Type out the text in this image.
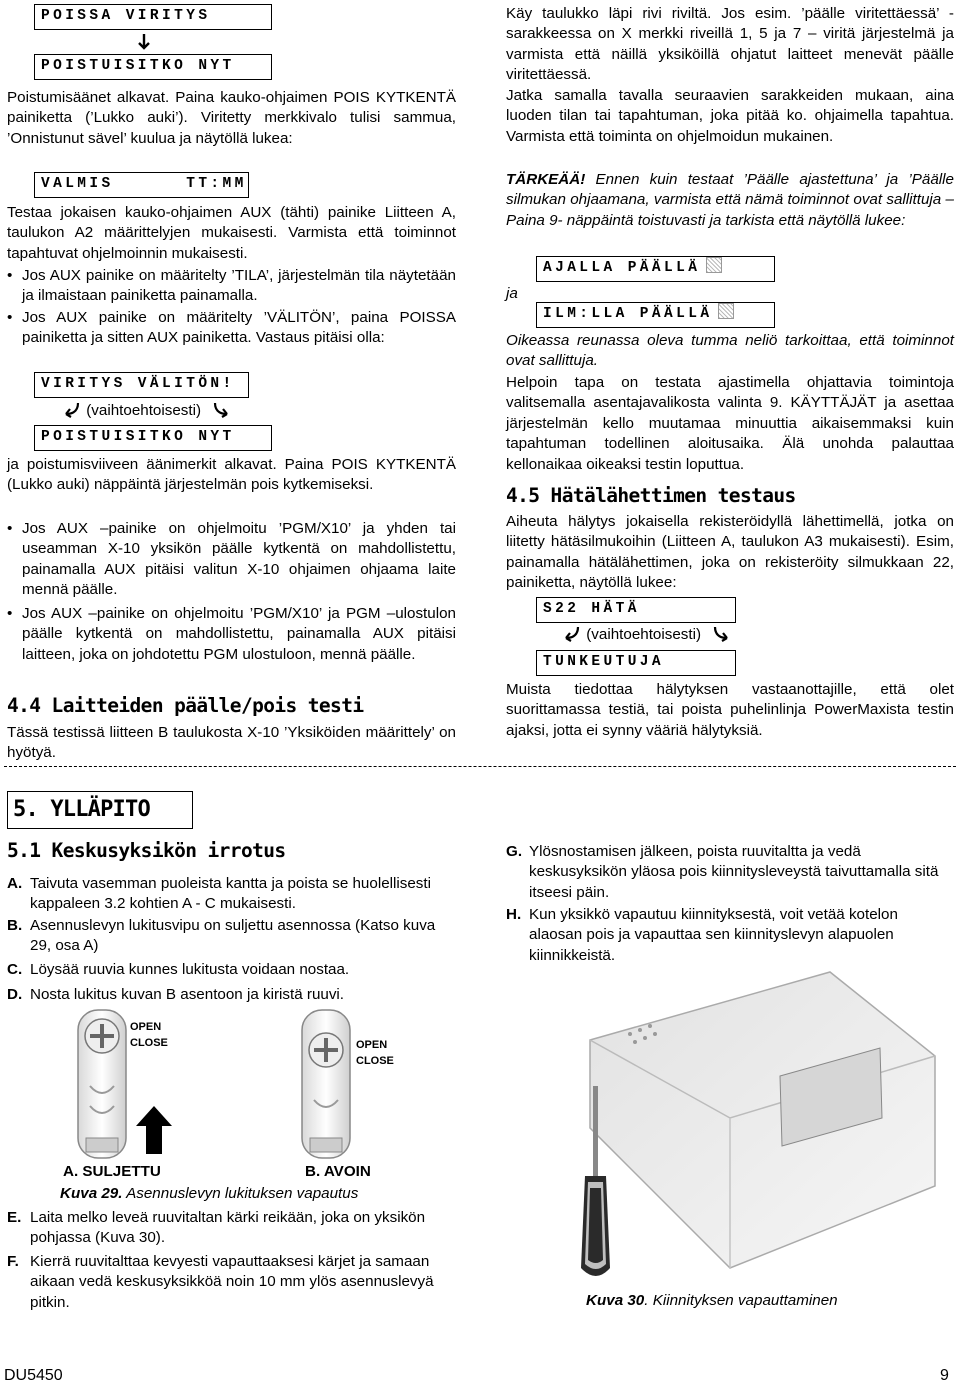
POISSA VIRITYS
POISTUISITKO NYT

Poistumisäänet alkavat. Paina kauko-ohjaimen POIS KYTKENTÄ painiketta (’Lukko auki’). Viritetty merkkivalo tulisi sammua, ’Onnistunut sävel’ kuulua ja näytöllä lukea:

VALMIS      TT:MM

Testaa jokaisen kauko-ohjaimen AUX (tähti) painike Liitteen A, taulukon A2 määrittelyjen mukaisesti. Varmista että toiminnot tapahtuvat ohjelmoinnin mukaisesti.

• Jos AUX painike on määritelty ’TILA’, järjestelmän tila näytetään ja ilmaistaan painiketta painamalla.
• Jos AUX painike on määritelty ’VÄLITÖN’, paina POISSA painiketta ja sitten AUX painiketta. Vastaus pitäisi olla:
VIRITYS VÄLITÖN!
(vaihtoehtoisesti)
POISTUISITKO NYT

ja poistumisviiveen äänimerkit alkavat. Paina POIS KYTKENTÄ (Lukko auki) näppäintä järjestelmän pois kytkemiseksi.

• Jos AUX –painike on ohjelmoitu ’PGM/X10’ ja yhden tai useamman X-10 yksikön päälle kytkentä on mahdollistettu, painamalla AUX pitäisi valitun X-10 ohjaimen ohjaama laite mennä päälle.
• Jos AUX –painike on ohjelmoitu ’PGM/X10’ ja PGM –ulostulon päälle kytkentä on mahdollistettu, painamalla AUX pitäisi laitteen, joka on johdotettu PGM ulostuloon, mennä päälle.
4.4 Laitteiden päälle/pois testi

Tässä testissä liitteen B taulukosta X-10 ’Yksiköiden määrittely’ on hyötyä.

Käy taulukko läpi rivi riviltä. Jos esim. ’päälle viritettäessä’ -sarakkeessa on X merkki riveillä 1, 5 ja 7 – viritä järjestelmä ja varmista että näillä yksiköillä ohjatut laitteet menevät päälle viritettäessä.

Jatka samalla tavalla seuraavien sarakkeiden mukaan, aina luoden tilan tai tapahtuman, joka pitää ko. ohjaimella tapahtua. Varmista että toiminta on ohjelmoidun mukainen.

TÄRKEÄÄ! Ennen kuin testaat ’Päälle ajastettuna’ ja ’Päälle silmukan ohjaamana, varmista että nämä toiminnot ovat sallittuja – Paina 9- näppäintä toistuvasti ja tarkista että näytöllä lukee:

AJALLA PÄÄLLÄ
ja
ILM:LLA PÄÄLLÄ

Oikeassa reunassa oleva tumma neliö tarkoittaa, että toiminnot ovat sallittuja.

Helpoin tapa on testata ajastimella ohjattavia toimintoja valitsemalla asentajavalikosta valinta 9. KÄYTTÄJÄT ja asettaa järjestelmän kello muutamaa minuuttia aikaisemmaksi kuin tapahtuman todellinen aloitusaika. Älä unohda palauttaa kellonaikaa oikeaksi testin loputtua.

4.5 Hätälähettimen testaus

Aiheuta hälytys jokaisella rekisteröidyllä lähettimellä, jotka on liitetty hätäsilmukoihin (Liitteen A, taulukon A3 mukaisesti). Esim, painamalla hätälähettimen, joka on rekisteröity silmukkaan 22, painiketta, näytöllä lukee:

S22 HÄTÄ
(vaihtoehtoisesti)
TUNKEUTUJA

Muista tiedottaa hälytyksen vastaanottajille, että olet suorittamassa testiä, tai poista puhelinlinja PowerMaxista testin ajaksi, jotta ei synny vääriä hälytyksiä.

5. YLLÄPITO
5.1 Keskusyksikön irrotus
A. Taivuta vasemman puoleista kantta ja poista se huolellisesti kappaleen 3.2 kohtien A - C mukaisesti.
B. Asennuslevyn lukitusvipu on suljettu asennossa (Katso kuva 29, osa A)
C. Löysää ruuvia kunnes lukitusta voidaan nostaa.
D. Nosta lukitus kuvan B asentoon ja kiristä ruuvi.
OPEN
CLOSE	OPEN
CLOSE
A. SULJETTU	B. AVOIN
Kuva 29. Asennuslevyn lukituksen vapautus
E. Laita melko leveä ruuvitaltan kärki reikään, joka on yksikön pohjassa (Kuva 30).
F. Kierrä ruuvitalttaa kevyesti vapauttaaksesi kärjet ja samaan aikaan vedä keskusyksikköä noin 10 mm ylös asennuslevyä pitkin.
G. Ylösnostamisen jälkeen, poista ruuvitaltta ja vedä keskusyksikön yläosa pois kiinnitysleveystä taivuttamalla sitä itseesi päin.
H. Kun yksikkö vapautuu kiinnityksestä, voit vetää kotelon alaosan pois ja vapauttaa sen kiinnityslevyn alapuolen kiinnikkeistä.
Kuva 30. Kiinnityksen vapauttaminen
DU5450	9
